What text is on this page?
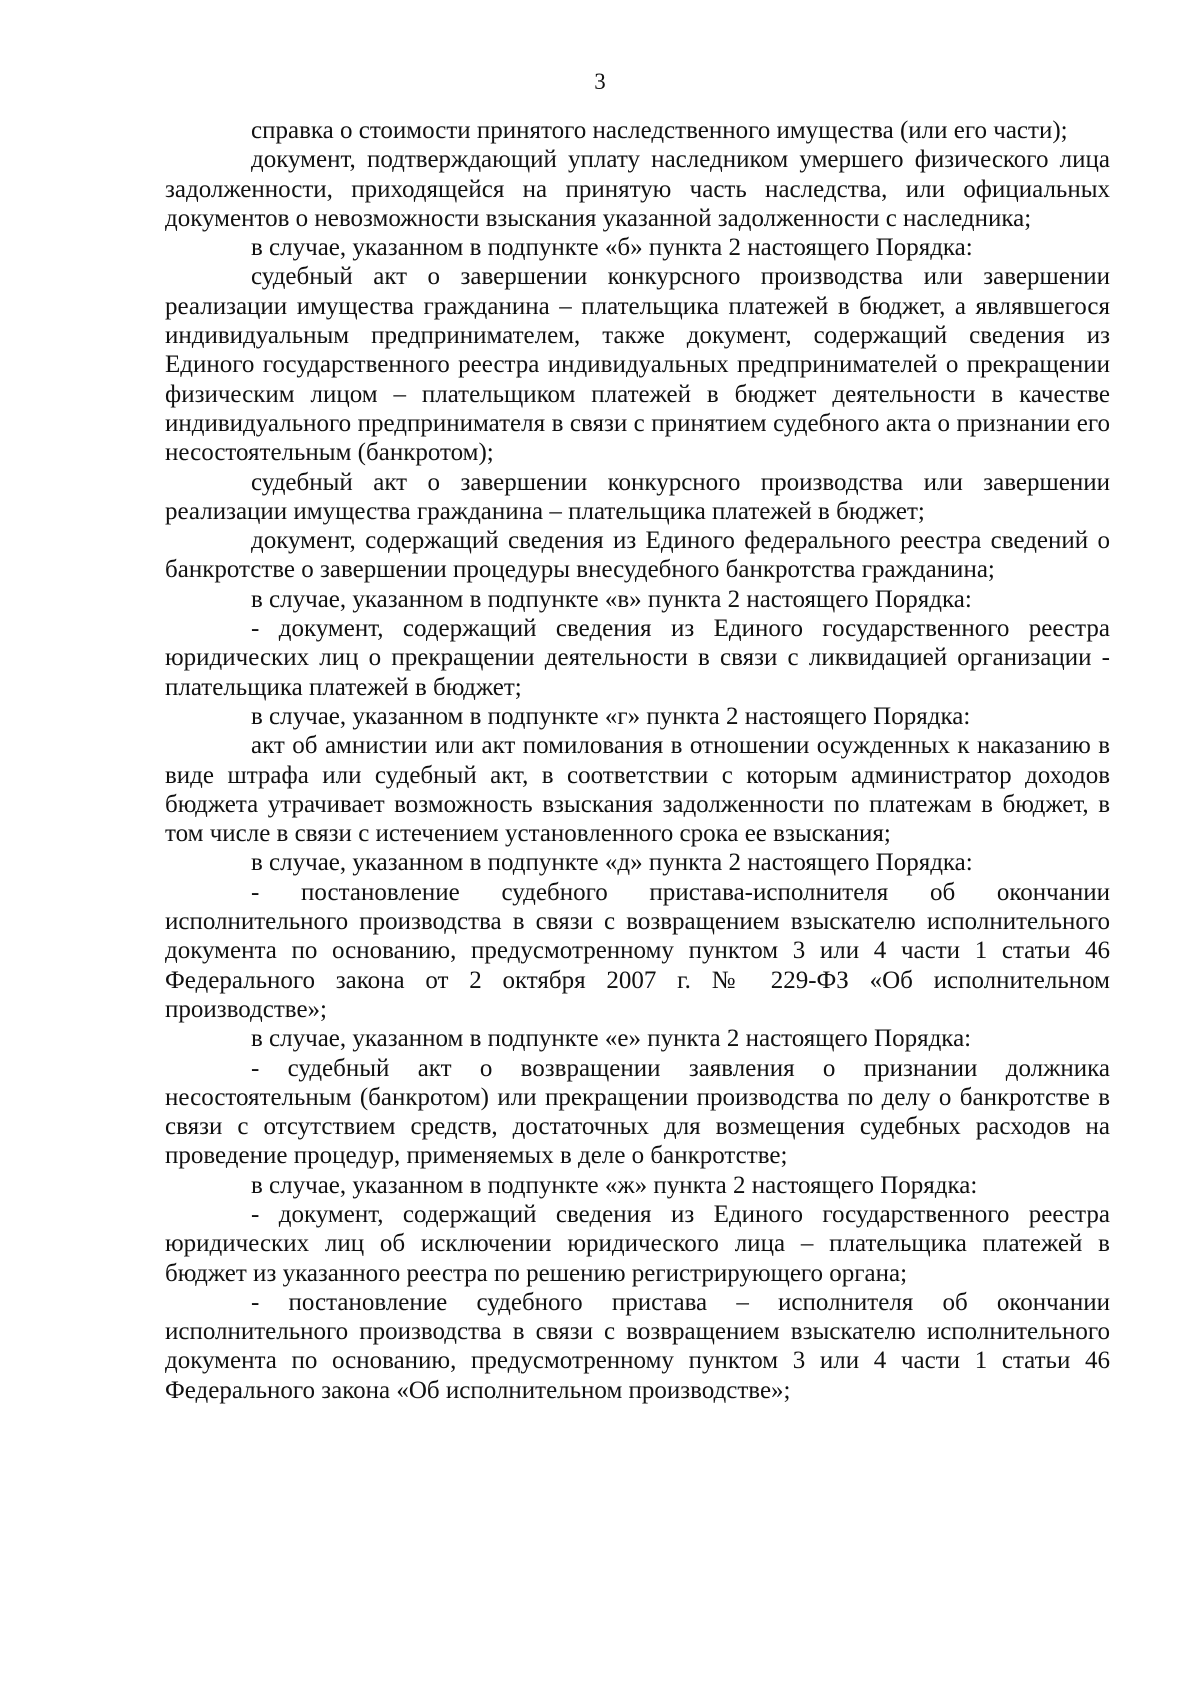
3

справка о стоимости принятого наследственного имущества (или его части);

документ, подтверждающий уплату наследником умершего физического лица задолженности, приходящейся на принятую часть наследства, или официальных документов о невозможности взыскания указанной задолженности с наследника;

в случае, указанном в подпункте «б» пункта 2 настоящего Порядка:

судебный акт о завершении конкурсного производства или завершении реализации имущества гражданина – плательщика платежей в бюджет, а являвшегося индивидуальным предпринимателем, также документ, содержащий сведения из Единого государственного реестра индивидуальных предпринимателей о прекращении физическим лицом – плательщиком платежей в бюджет деятельности в качестве индивидуального предпринимателя в связи с принятием судебного акта о признании его несостоятельным (банкротом);

судебный акт о завершении конкурсного производства или завершении реализации имущества гражданина – плательщика платежей в бюджет;

документ, содержащий сведения из Единого федерального реестра сведений о банкротстве о завершении процедуры внесудебного банкротства гражданина;

в случае, указанном в подпункте «в» пункта 2 настоящего Порядка:

- документ, содержащий сведения из Единого государственного реестра юридических лиц о прекращении деятельности в связи с ликвидацией организации - плательщика платежей в бюджет;

в случае, указанном в подпункте «г» пункта 2 настоящего Порядка:

акт об амнистии или акт помилования в отношении осужденных к наказанию в виде штрафа или судебный акт, в соответствии с которым администратор доходов бюджета утрачивает возможность взыскания задолженности по платежам в бюджет, в том числе в связи с истечением установленного срока ее взыскания;

в случае, указанном в подпункте «д» пункта 2 настоящего Порядка:

- постановление судебного пристава-исполнителя об окончании исполнительного производства в связи с возвращением взыскателю исполнительного документа по основанию, предусмотренному пунктом 3 или 4 части 1 статьи 46 Федерального закона от 2 октября 2007 г. № 229-ФЗ «Об исполнительном производстве»;

в случае, указанном в подпункте «е» пункта 2 настоящего Порядка:

- судебный акт о возвращении заявления о признании должника несостоятельным (банкротом) или прекращении производства по делу о банкротстве в связи с отсутствием средств, достаточных для возмещения судебных расходов на проведение процедур, применяемых в деле о банкротстве;

в случае, указанном в подпункте «ж» пункта 2 настоящего Порядка:

- документ, содержащий сведения из Единого государственного реестра юридических лиц об исключении юридического лица – плательщика платежей в бюджет из указанного реестра по решению регистрирующего органа;

- постановление судебного пристава – исполнителя об окончании исполнительного производства в связи с возвращением взыскателю исполнительного документа по основанию, предусмотренному пунктом 3 или 4 части 1 статьи 46 Федерального закона «Об исполнительном производстве»;
